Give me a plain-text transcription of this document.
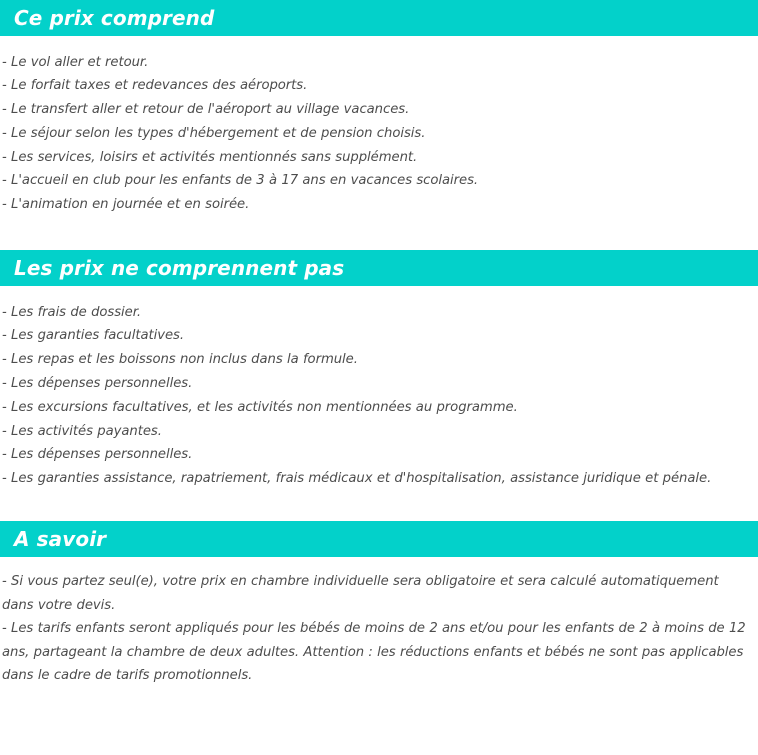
Ce prix comprend
- Le vol aller et retour.
- Le forfait taxes et redevances des aéroports.
- Le transfert aller et retour de l'aéroport au village vacances.
- Le séjour selon les types d'hébergement et de pension choisis.
- Les services, loisirs et activités mentionnés sans supplément.
- L'accueil en club pour les enfants de 3 à 17 ans en vacances scolaires.
- L'animation en journée et en soirée.
Les prix ne comprennent pas
- Les frais de dossier.
- Les garanties facultatives.
- Les repas et les boissons non inclus dans la formule.
- Les dépenses personnelles.
- Les excursions facultatives, et les activités non mentionnées au programme.
- Les activités payantes.
- Les dépenses personnelles.
- Les garanties assistance, rapatriement, frais médicaux et d'hospitalisation, assistance juridique et pénale.
A savoir
- Si vous partez seul(e), votre prix en chambre individuelle sera obligatoire et sera calculé automatiquement dans votre devis.
- Les tarifs enfants seront appliqués pour les bébés de moins de 2 ans et/ou pour les enfants de 2 à moins de 12 ans, partageant la chambre de deux adultes. Attention : les réductions enfants et bébés ne sont pas applicables dans le cadre de tarifs promotionnels.
